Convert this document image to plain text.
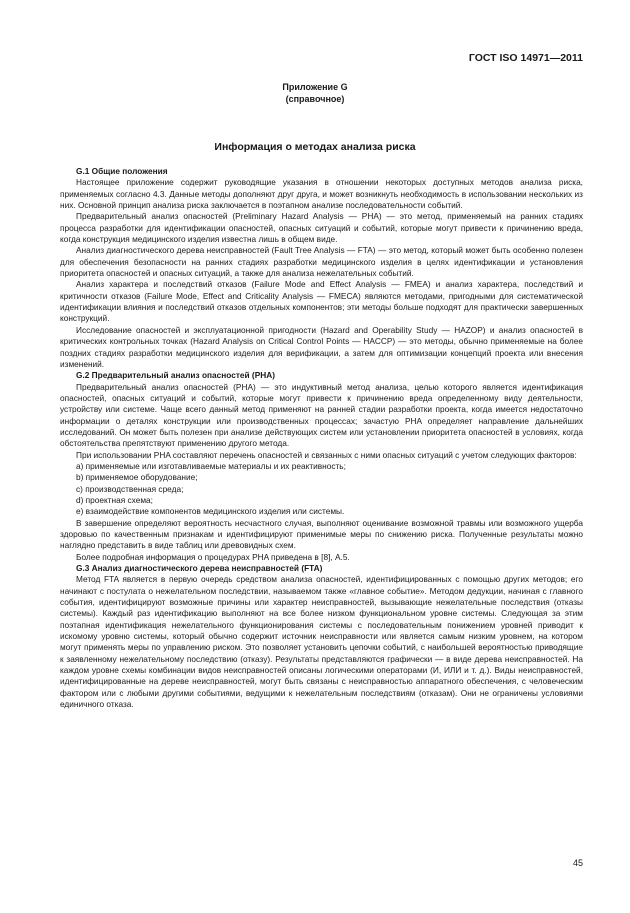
ГОСТ ISO 14971—2011
Приложение G
(справочное)
Информация о методах анализа риска
G.1 Общие положения

Настоящее приложение содержит руководящие указания в отношении некоторых доступных методов анализа риска, применяемых согласно 4.3. Данные методы дополняют друг друга, и может возникнуть необходимость в использовании нескольких из них. Основной принцип анализа риска заключается в поэтапном анализе последовательности событий.

Предварительный анализ опасностей (Preliminary Hazard Analysis — PHA) — это метод, применяемый на ранних стадиях процесса разработки для идентификации опасностей, опасных ситуаций и событий, которые могут привести к причинению вреда, когда конструкция медицинского изделия известна лишь в общем виде.

Анализ диагностического дерева неисправностей (Fault Tree Analysis — FTA) — это метод, который может быть особенно полезен для обеспечения безопасности на ранних стадиях разработки медицинского изделия в целях идентификации и установления приоритета опасностей и опасных ситуаций, а также для анализа нежелательных событий.

Анализ характера и последствий отказов (Failure Mode and Effect Analysis — FMEA) и анализ характера, последствий и критичности отказов (Failure Mode, Effect and Criticality Analysis — FMECA) являются методами, пригодными для систематической идентификации влияния и последствий отказов отдельных компонентов; эти методы больше подходят для практически завершенных конструкций.

Исследование опасностей и эксплуатационной пригодности (Hazard and Operability Study — HAZOP) и анализ опасностей в критических контрольных точках (Hazard Analysis on Critical Control Points — HACCP) — это методы, обычно применяемые на более поздних стадиях разработки медицинского изделия для верификации, а затем для оптимизации концепций проекта или внесения изменений.

G.2 Предварительный анализ опасностей (PHA)

Предварительный анализ опасностей (PHA) — это индуктивный метод анализа, целью которого является идентификация опасностей, опасных ситуаций и событий, которые могут привести к причинению вреда определенному виду деятельности, устройству или системе. Чаще всего данный метод применяют на ранней стадии разработки проекта, когда имеется недостаточно информации о деталях конструкции или производственных процессах; зачастую PHA определяет направление дальнейших исследований. Он может быть полезен при анализе действующих систем или установлении приоритета опасностей в условиях, когда обстоятельства препятствуют применению другого метода.

При использовании PHA составляют перечень опасностей и связанных с ними опасных ситуаций с учетом следующих факторов:

a) применяемые или изготавливаемые материалы и их реактивность;
b) применяемое оборудование;
c) производственная среда;
d) проектная схема;
e) взаимодействие компонентов медицинского изделия или системы.

В завершение определяют вероятность несчастного случая, выполняют оценивание возможной травмы или возможного ущерба здоровью по качественным признакам и идентифицируют применимые меры по снижению риска. Полученные результаты можно наглядно представить в виде таблиц или древовидных схем.

Более подробная информация о процедурах PHA приведена в [8], А.5.

G.3 Анализ диагностического дерева неисправностей (FTA)

Метод FTA является в первую очередь средством анализа опасностей, идентифицированных с помощью других методов; его начинают с постулата о нежелательном последствии, называемом также «главное событие». Методом дедукции, начиная с главного события, идентифицируют возможные причины или характер неисправностей, вызывающие нежелательные последствия (отказы системы). Каждый раз идентификацию выполняют на все более низком функциональном уровне системы. Следующая за этим поэтапная идентификация нежелательного функционирования системы с последовательным понижением уровней приводит к искомому уровню системы, который обычно содержит источник неисправности или является самым низким уровнем, на котором могут применять меры по управлению риском. Это позволяет установить цепочки событий, с наибольшей вероятностью приводящие к заявленному нежелательному последствию (отказу). Результаты представляются графически — в виде дерева неисправностей. На каждом уровне схемы комбинации видов неисправностей описаны логическими операторами (И, ИЛИ и т. д.). Виды неисправностей, идентифицированные на дереве неисправностей, могут быть связаны с неисправностью аппаратного обеспечения, с человеческим фактором или с любыми другими событиями, ведущими к нежелательным последствиям (отказам). Они не ограничены условиями единичного отказа.

45
